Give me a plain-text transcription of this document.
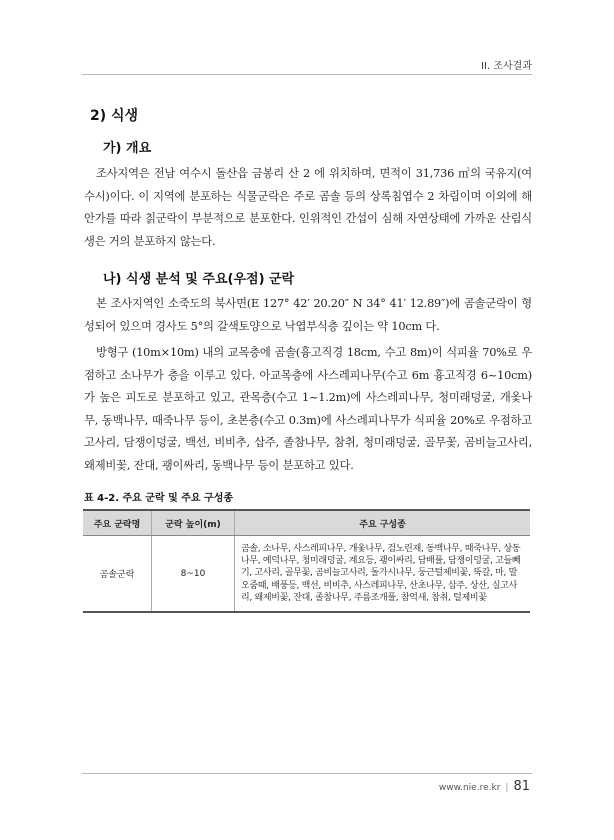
II. 조사결과
2) 식생
가) 개요
조사지역은 전남 여수시 돌산읍 금봉리 산 2 에 위치하며, 면적이 31,736 ㎡의 국유지(여수시)이다. 이 지역에 분포하는 식물군락은 주로 곰솔 등의 상록침엽수 2 차림이며 이외에 해안가를 따라 칡군락이 부분적으로 분포한다. 인위적인 간섭이 심해 자연상태에 가까운 산림식생은 거의 분포하지 않는다.
나) 식생 분석 및 주요(우점) 군락
본 조사지역인 소죽도의 북사면(E 127° 42′ 20.20″ N 34° 41′ 12.89″)에 곰솔군락이 형성되어 있으며 경사도 5°의 갈색토양으로 낙엽부식층 깊이는 약 10cm 다.
방형구 (10m×10m) 내의 교목층에 곰솔(흉고직경 18cm, 수고 8m)이 식피율 70%로 우점하고 소나무가 층을 이루고 있다. 아교목층에 사스레피나무(수고 6m 흉고직경 6~10cm)가 높은 피도로 분포하고 있고, 관목층(수고 1~1.2m)에 사스레피나무, 청미래덩굴, 개옻나무, 동백나무, 때죽나무 등이, 초본층(수고 0.3m)에 사스레피나무가 식피율 20%로 우점하고 고사리, 담쟁이덩굴, 백선, 비비추, 삽주, 졸참나무, 참취, 청미래덩굴, 골무꽃, 곰비늘고사리, 왜제비꽃, 잔대, 괭이싸리, 동백나무 등이 분포하고 있다.
표 4-2. 주요 군락 및 주요 구성종
주요 군락명	군락 높이(m)	주요 구성종
곰솔군락	8~10	곰솔, 소나무, 사스레피나무, 개옻나무, 검노린재, 동백나무, 때죽나무, 상동나무, 예덕나무, 청미래덩굴, 계요등, 괭이싸리, 담배풀, 담쟁이덩굴, 고들빼기, 고사리, 골무꽃, 곰비늘고사리, 돌가시나무, 둥근털제비꽃, 뚝갈, 마, 말오줌때, 배풍등, 백선, 비비추, 사스레피나무, 산초나무, 삽주, 상산, 실고사리, 왜제비꽃, 잔대, 졸참나무, 주름조개풀, 참억새, 참취, 털제비꽃
www.nie.re.kr | 81
